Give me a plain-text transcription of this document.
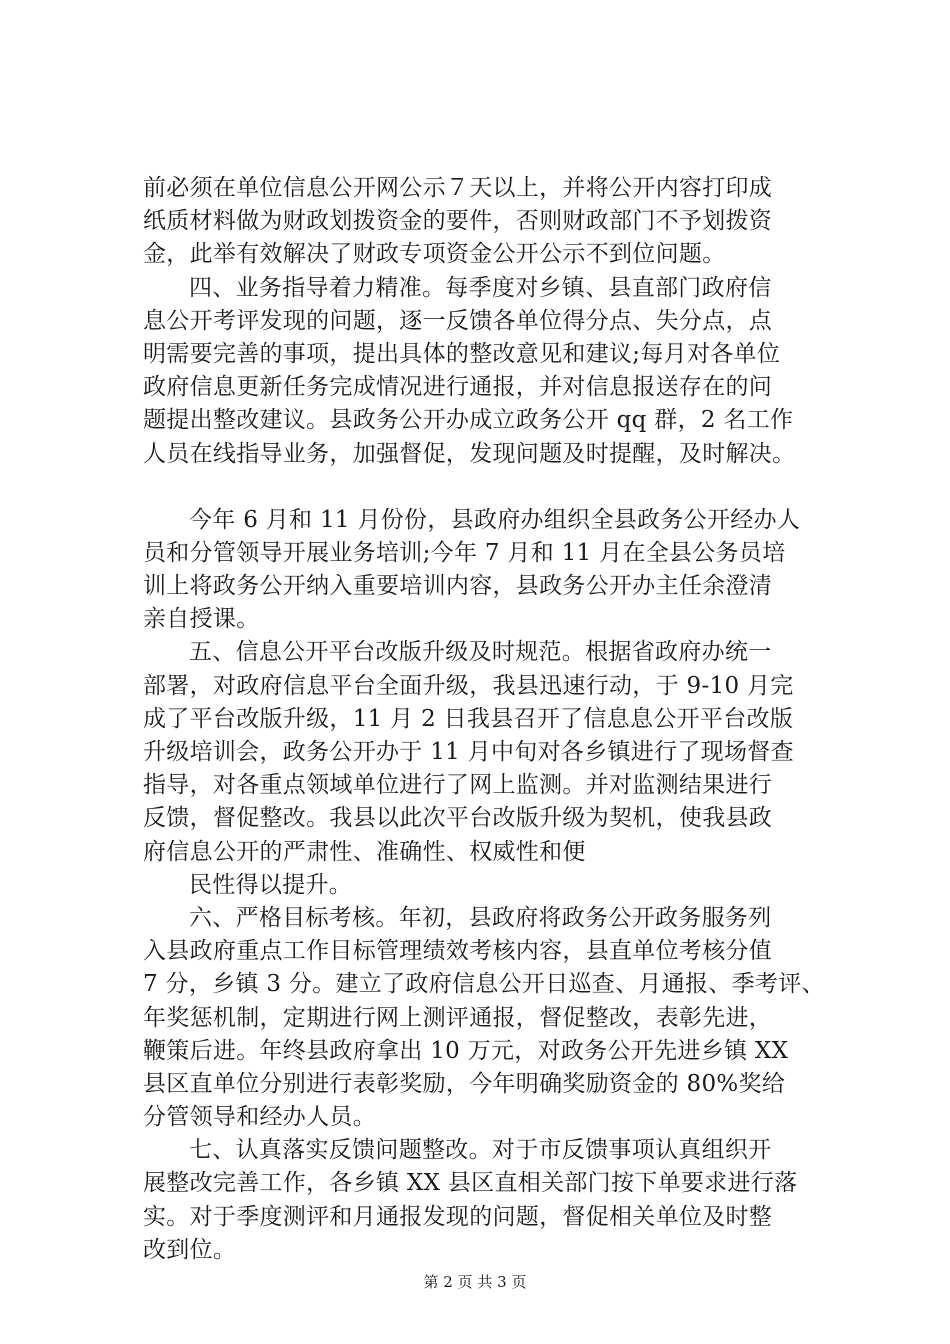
前必须在单位信息公开网公示７天以上，并将公开内容打印成
纸质材料做为财政划拨资金的要件，否则财政部门不予划拨资
金，此举有效解决了财政专项资金公开公示不到位问题。
四、业务指导着力精准。每季度对乡镇、县直部门政府信
息公开考评发现的问题，逐一反馈各单位得分点、失分点，点
明需要完善的事项，提出具体的整改意见和建议;每月对各单位
政府信息更新任务完成情况进行通报，并对信息报送存在的问
题提出整改建议。县政务公开办成立政务公开 qq 群，2 名工作
人员在线指导业务，加强督促，发现问题及时提醒，及时解决。
今年 6 月和 11 月份份，县政府办组织全县政务公开经办人
员和分管领导开展业务培训;今年 7 月和 11 月在全县公务员培
训上将政务公开纳入重要培训内容，县政务公开办主任余澄清
亲自授课。
五、信息公开平台改版升级及时规范。根据省政府办统一
部署，对政府信息平台全面升级，我县迅速行动，于 9-10 月完
成了平台改版升级，11 月 2 日我县召开了信息息公开平台改版
升级培训会，政务公开办于 11 月中旬对各乡镇进行了现场督查
指导，对各重点领域单位进行了网上监测。并对监测结果进行
反馈，督促整改。我县以此次平台改版升级为契机，使我县政
府信息公开的严肃性、准确性、权威性和便
民性得以提升。
六、严格目标考核。年初，县政府将政务公开政务服务列
入县政府重点工作目标管理绩效考核内容，县直单位考核分值
7 分，乡镇 3 分。建立了政府信息公开日巡查、月通报、季考评、
年奖惩机制，定期进行网上测评通报，督促整改，表彰先进，
鞭策后进。年终县政府拿出 10 万元，对政务公开先进乡镇 XX
县区直单位分别进行表彰奖励，今年明确奖励资金的 80%奖给
分管领导和经办人员。
七、认真落实反馈问题整改。对于市反馈事项认真组织开
展整改完善工作，各乡镇 XX 县区直相关部门按下单要求进行落
实。对于季度测评和月通报发现的问题，督促相关单位及时整
改到位。
第 2 页 共 3 页
